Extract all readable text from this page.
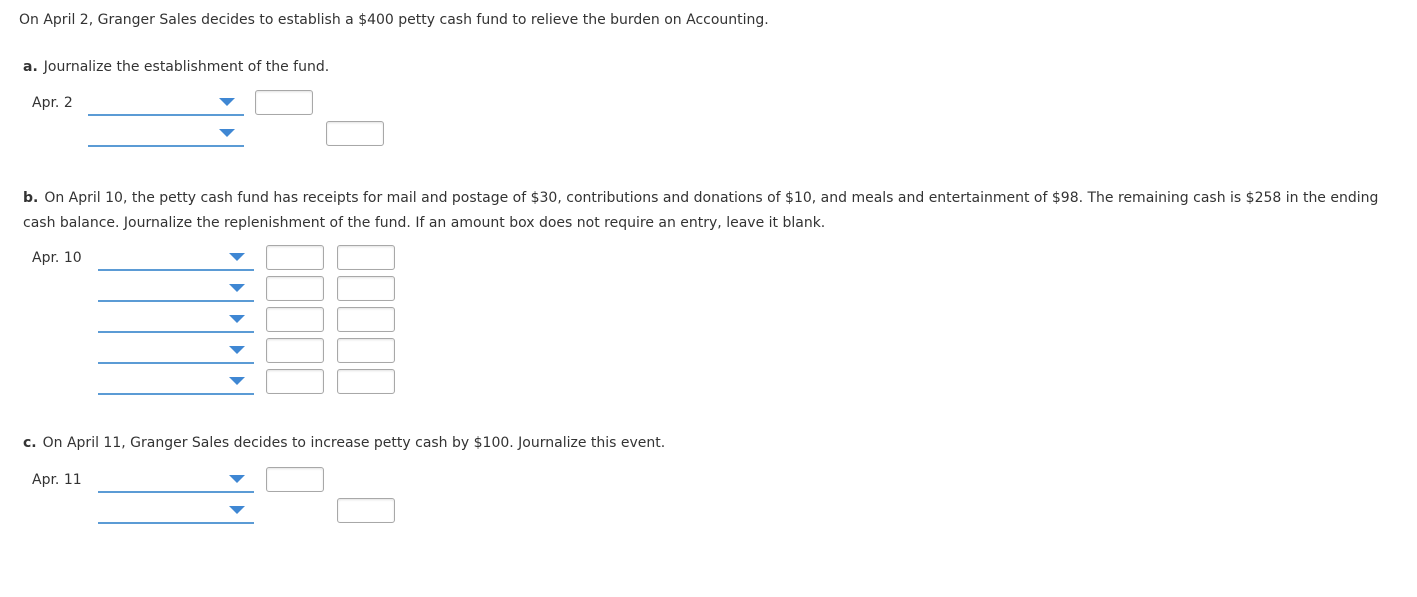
On April 2, Granger Sales decides to establish a $400 petty cash fund to relieve the burden on Accounting.
a. Journalize the establishment of the fund.
Apr. 2
b. On April 10, the petty cash fund has receipts for mail and postage of $30, contributions and donations of $10, and meals and entertainment of $98. The remaining cash is $258 in the ending cash balance. Journalize the replenishment of the fund. If an amount box does not require an entry, leave it blank.
Apr. 10
c. On April 11, Granger Sales decides to increase petty cash by $100. Journalize this event.
Apr. 11
